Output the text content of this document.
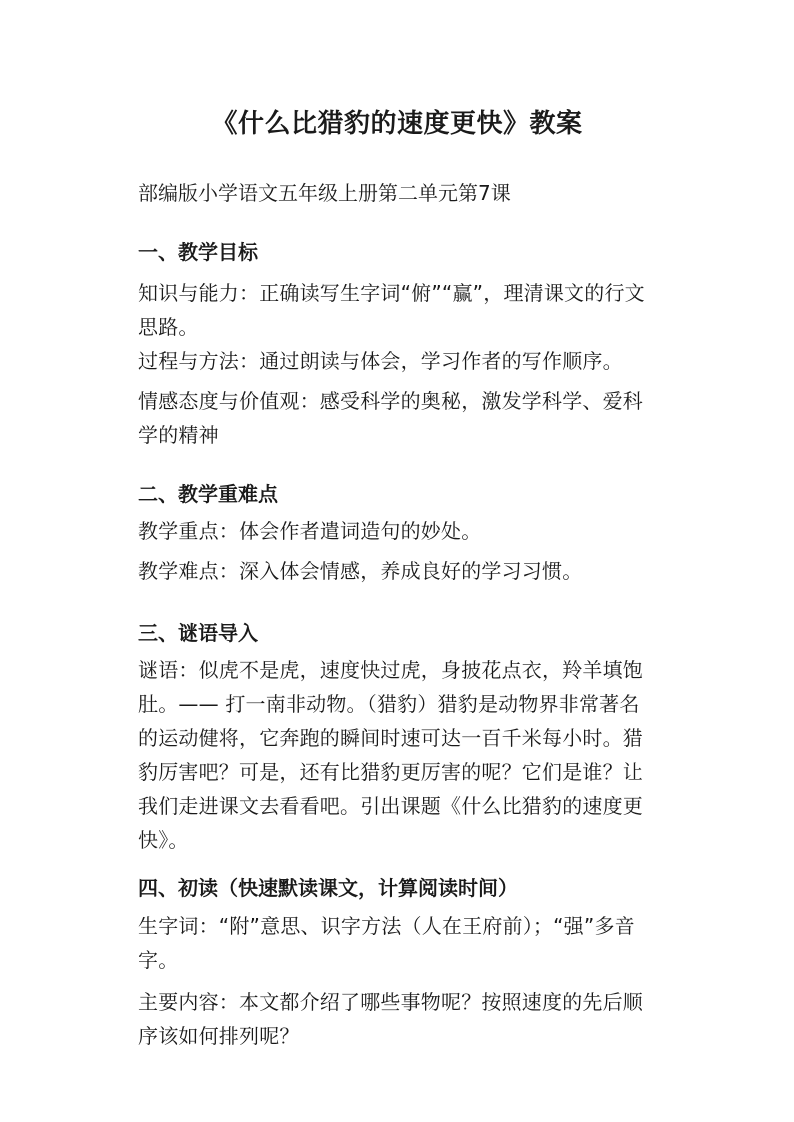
《什么比猎豹的速度更快》教案
部编版小学语文五年级上册第二单元第7课
一、教学目标
知识与能力：正确读写生字词“俯”“赢”，理清课文的行文
思路。
过程与方法：通过朗读与体会，学习作者的写作顺序。
情感态度与价值观：感受科学的奥秘，激发学科学、爱科
学的精神
二、教学重难点
教学重点：体会作者遣词造句的妙处。
教学难点：深入体会情感，养成良好的学习习惯。
三、谜语导入
谜语：似虎不是虎，速度快过虎，身披花点衣，羚羊填饱
肚。—— 打一南非动物。（猎豹）猎豹是动物界非常著名
的运动健将，它奔跑的瞬间时速可达一百千米每小时。猎
豹厉害吧？可是，还有比猎豹更厉害的呢？它们是谁？让
我们走进课文去看看吧。引出课题《什么比猎豹的速度更
快》。
四、初读（快速默读课文，计算阅读时间）
生字词：“附”意思、识字方法（人在王府前）；“强”多音
字。
主要内容：本文都介绍了哪些事物呢？按照速度的先后顺
序该如何排列呢？
